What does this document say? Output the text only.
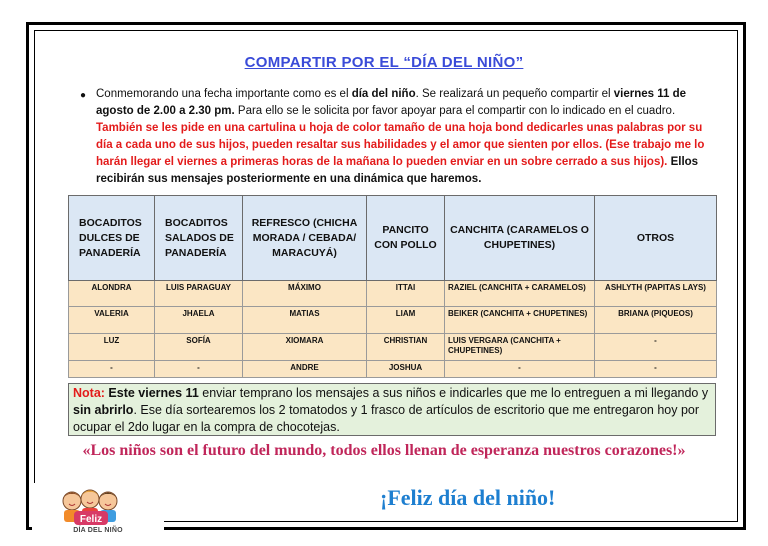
COMPARTIR POR EL “DÍA DEL NIÑO”
● Conmemorando una fecha importante como es el día del niño. Se realizará un pequeño compartir el viernes 11 de agosto de 2.00 a 2.30 pm. Para ello se le solicita por favor apoyar para el compartir con lo indicado en el cuadro. También se les pide en una cartulina u hoja de color tamaño de una hoja bond dedicarles unas palabras por su día a cada uno de sus hijos, pueden resaltar sus habilidades y el amor que sienten por ellos. (Ese trabajo me lo harán llegar el viernes a primeras horas de la mañana lo pueden enviar en un sobre cerrado a sus hijos). Ellos recibirán sus mensajes posteriormente en una dinámica que haremos.
BOCADITOS DULCES DE PANADERÍA	BOCADITOS SALADOS DE PANADERÍA	REFRESCO (CHICHA MORADA / CEBADA/ MARACUYÁ)	PANCITO CON POLLO	CANCHITA (CARAMELOS O CHUPETINES)	OTROS
ALONDRA	LUIS PARAGUAY	MÁXIMO	ITTAI	RAZIEL (CANCHITA + CARAMELOS)	ASHLYTH (PAPITAS LAYS)
VALERIA	JHAELA	MATIAS	LIAM	BEIKER (CANCHITA + CHUPETINES)	BRIANA (PIQUEOS)
LUZ	SOFÍA	XIOMARA	CHRISTIAN	LUIS VERGARA (CANCHITA + CHUPETINES)	-
-	-	ANDRE	JOSHUA	-	-
Nota: Este viernes 11 enviar temprano los mensajes a sus niños e indicarles que me lo entreguen a mi llegando y sin abrirlo. Ese día sortearemos los 2 tomatodos y 1 frasco de artículos de escritorio que me entregaron hoy por ocupar el 2do lugar en la compra de chocotejas.
«Los niños son el futuro del mundo, todos ellos llenan de esperanza nuestros corazones!»
¡Feliz día del niño!
Feliz
DÍA DEL NIÑO
